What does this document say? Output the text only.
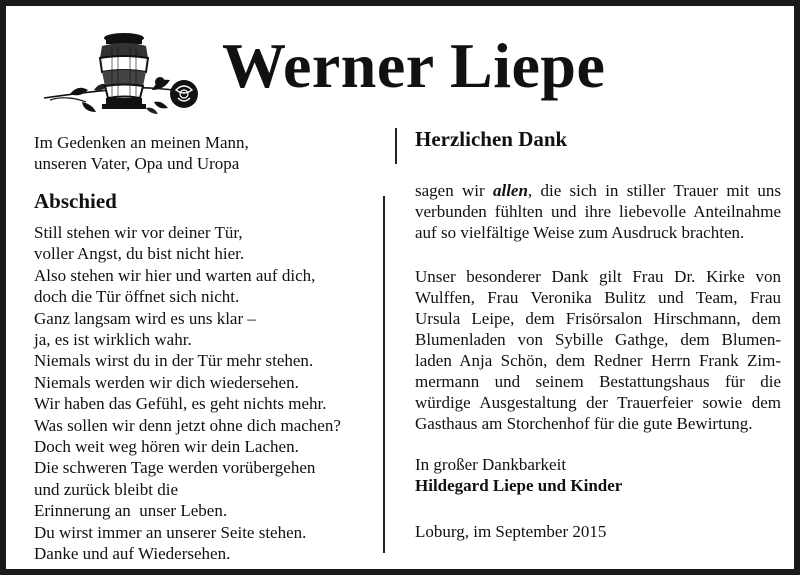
Werner Liepe
Im Gedenken an meinen Mann,
unseren Vater, Opa und Uropa
Abschied
Still stehen wir vor deiner Tür,
voller Angst, du bist nicht hier.
Also stehen wir hier und warten auf dich,
doch die Tür öffnet sich nicht.
Ganz langsam wird es uns klar –
ja, es ist wirklich wahr.
Niemals wirst du in der Tür mehr stehen.
Niemals werden wir dich wiedersehen.
Wir haben das Gefühl, es geht nichts mehr.
Was sollen wir denn jetzt ohne dich machen?
Doch weit weg hören wir dein Lachen.
Die schweren Tage werden vorübergehen
und zurück bleibt die
Erinnerung an  unser Leben.
Du wirst immer an unserer Seite stehen.
Danke und auf Wiedersehen.
Herzlichen Dank
sagen wir allen, die sich in stiller Trauer mit uns
verbunden fühlten und ihre liebevolle Anteilnahme
auf so vielfältige Weise zum Ausdruck brachten.
Unser besonderer Dank gilt Frau Dr. Kirke von
Wulffen, Frau Veronika Bulitz und Team, Frau
Ursula Leipe, dem Frisörsalon Hirschmann, dem
Blumenladen von Sybille Gathge, dem Blumen-
laden Anja Schön, dem Redner Herrn Frank Zim-
mermann und seinem Bestattungshaus für die
würdige Ausgestaltung der Trauerfeier sowie dem
Gasthaus am Storchenhof für die gute Bewirtung.
In großer Dankbarkeit
Hildegard Liepe und Kinder
Loburg, im September 2015
